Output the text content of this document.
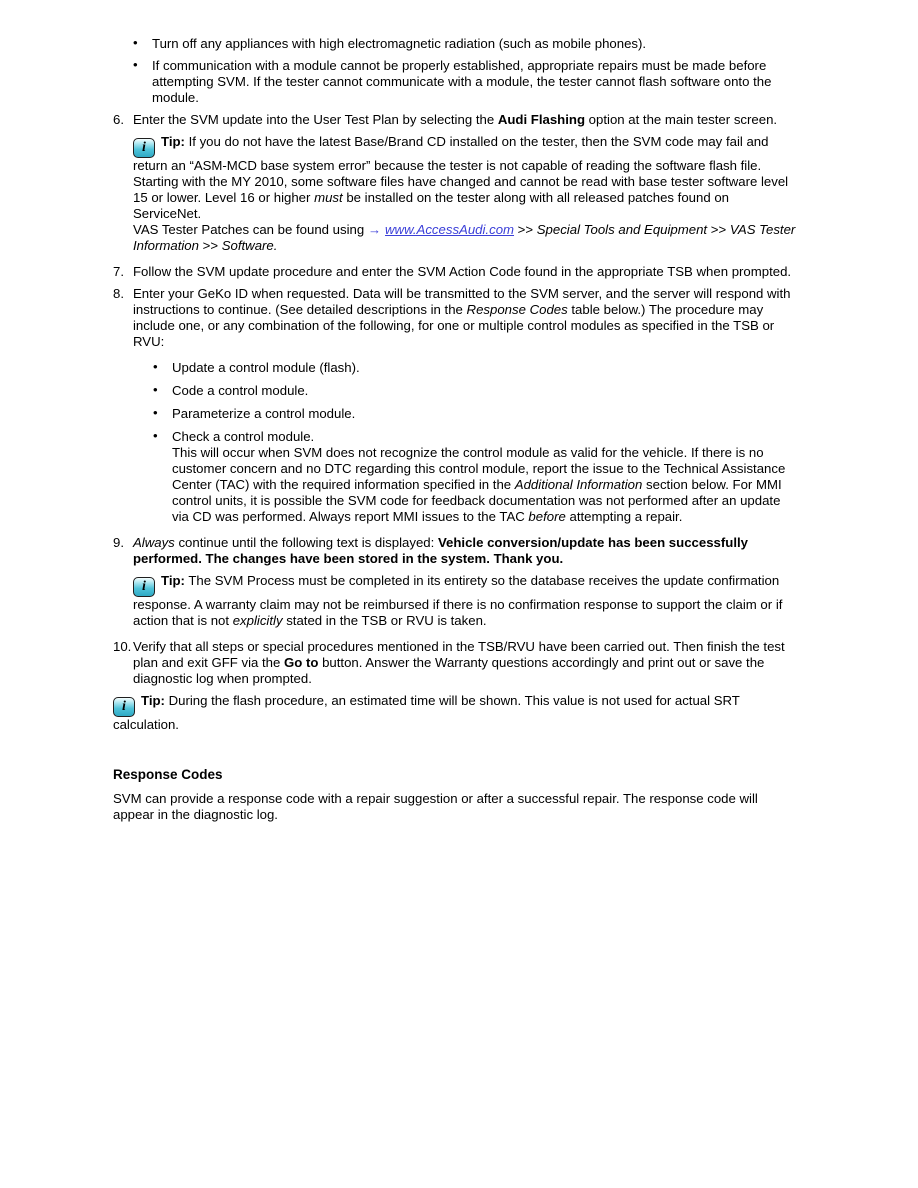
• Turn off any appliances with high electromagnetic radiation (such as mobile phones).
• If communication with a module cannot be properly established, appropriate repairs must be made before attempting SVM. If the tester cannot communicate with a module, the tester cannot flash software onto the module.
6. Enter the SVM update into the User Test Plan by selecting the Audi Flashing option at the main tester screen.
i Tip: If you do not have the latest Base/Brand CD installed on the tester, then the SVM code may fail and return an “ASM-MCD base system error” because the tester is not capable of reading the software flash file. Starting with the MY 2010, some software files have changed and cannot be read with base tester software level 15 or lower. Level 16 or higher must be installed on the tester along with all released patches found on ServiceNet.
VAS Tester Patches can be found using → www.AccessAudi.com >> Special Tools and Equipment >> VAS Tester Information >> Software.
7. Follow the SVM update procedure and enter the SVM Action Code found in the appropriate TSB when prompted.
8. Enter your GeKo ID when requested. Data will be transmitted to the SVM server, and the server will respond with instructions to continue. (See detailed descriptions in the Response Codes table below.) The procedure may include one, or any combination of the following, for one or multiple control modules as specified in the TSB or RVU:
• Update a control module (flash).
• Code a control module.
• Parameterize a control module.
• Check a control module.
This will occur when SVM does not recognize the control module as valid for the vehicle. If there is no customer concern and no DTC regarding this control module, report the issue to the Technical Assistance Center (TAC) with the required information specified in the Additional Information section below. For MMI control units, it is possible the SVM code for feedback documentation was not performed after an update via CD was performed. Always report MMI issues to the TAC before attempting a repair.
9. Always continue until the following text is displayed: Vehicle conversion/update has been successfully performed. The changes have been stored in the system. Thank you.
i Tip: The SVM Process must be completed in its entirety so the database receives the update confirmation response. A warranty claim may not be reimbursed if there is no confirmation response to support the claim or if action that is not explicitly stated in the TSB or RVU is taken.
10. Verify that all steps or special procedures mentioned in the TSB/RVU have been carried out. Then finish the test plan and exit GFF via the Go to button. Answer the Warranty questions accordingly and print out or save the diagnostic log when prompted.
i Tip: During the flash procedure, an estimated time will be shown. This value is not used for actual SRT calculation.
Response Codes
SVM can provide a response code with a repair suggestion or after a successful repair. The response code will appear in the diagnostic log.
